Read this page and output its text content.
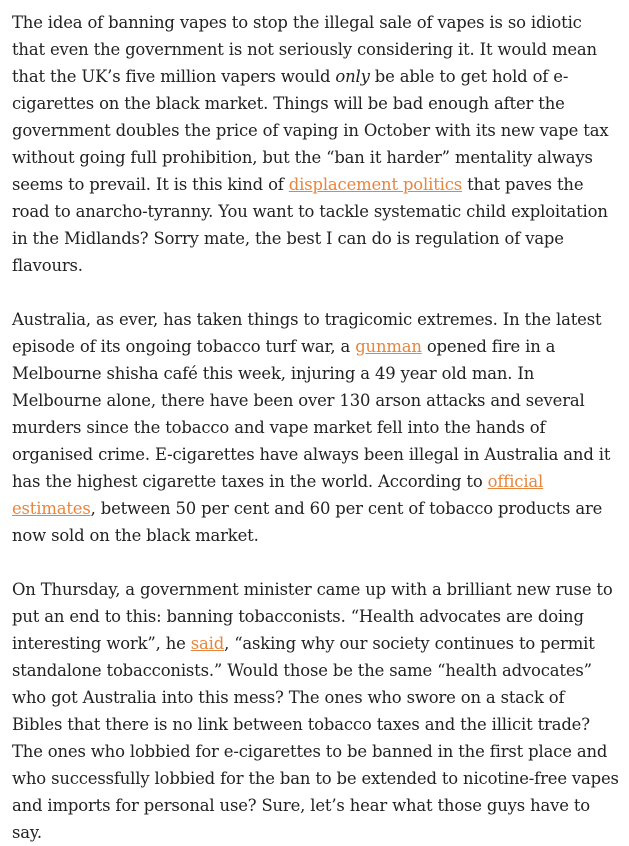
The idea of banning vapes to stop the illegal sale of vapes is so idiotic that even the government is not seriously considering it. It would mean that the UK’s five million vapers would only be able to get hold of e-cigarettes on the black market. Things will be bad enough after the government doubles the price of vaping in October with its new vape tax without going full prohibition, but the “ban it harder” mentality always seems to prevail. It is this kind of displacement politics that paves the road to anarcho-tyranny. You want to tackle systematic child exploitation in the Midlands? Sorry mate, the best I can do is regulation of vape flavours.

Australia, as ever, has taken things to tragicomic extremes. In the latest episode of its ongoing tobacco turf war, a gunman opened fire in a Melbourne shisha café this week, injuring a 49 year old man. In Melbourne alone, there have been over 130 arson attacks and several murders since the tobacco and vape market fell into the hands of organised crime. E-cigarettes have always been illegal in Australia and it has the highest cigarette taxes in the world. According to official estimates, between 50 per cent and 60 per cent of tobacco products are now sold on the black market.

On Thursday, a government minister came up with a brilliant new ruse to put an end to this: banning tobacconists. “Health advocates are doing interesting work”, he said, “asking why our society continues to permit standalone tobacconists.” Would those be the same “health advocates” who got Australia into this mess? The ones who swore on a stack of Bibles that there is no link between tobacco taxes and the illicit trade? The ones who lobbied for e-cigarettes to be banned in the first place and who successfully lobbied for the ban to be extended to nicotine-free vapes and imports for personal use? Sure, let’s hear what those guys have to say.
